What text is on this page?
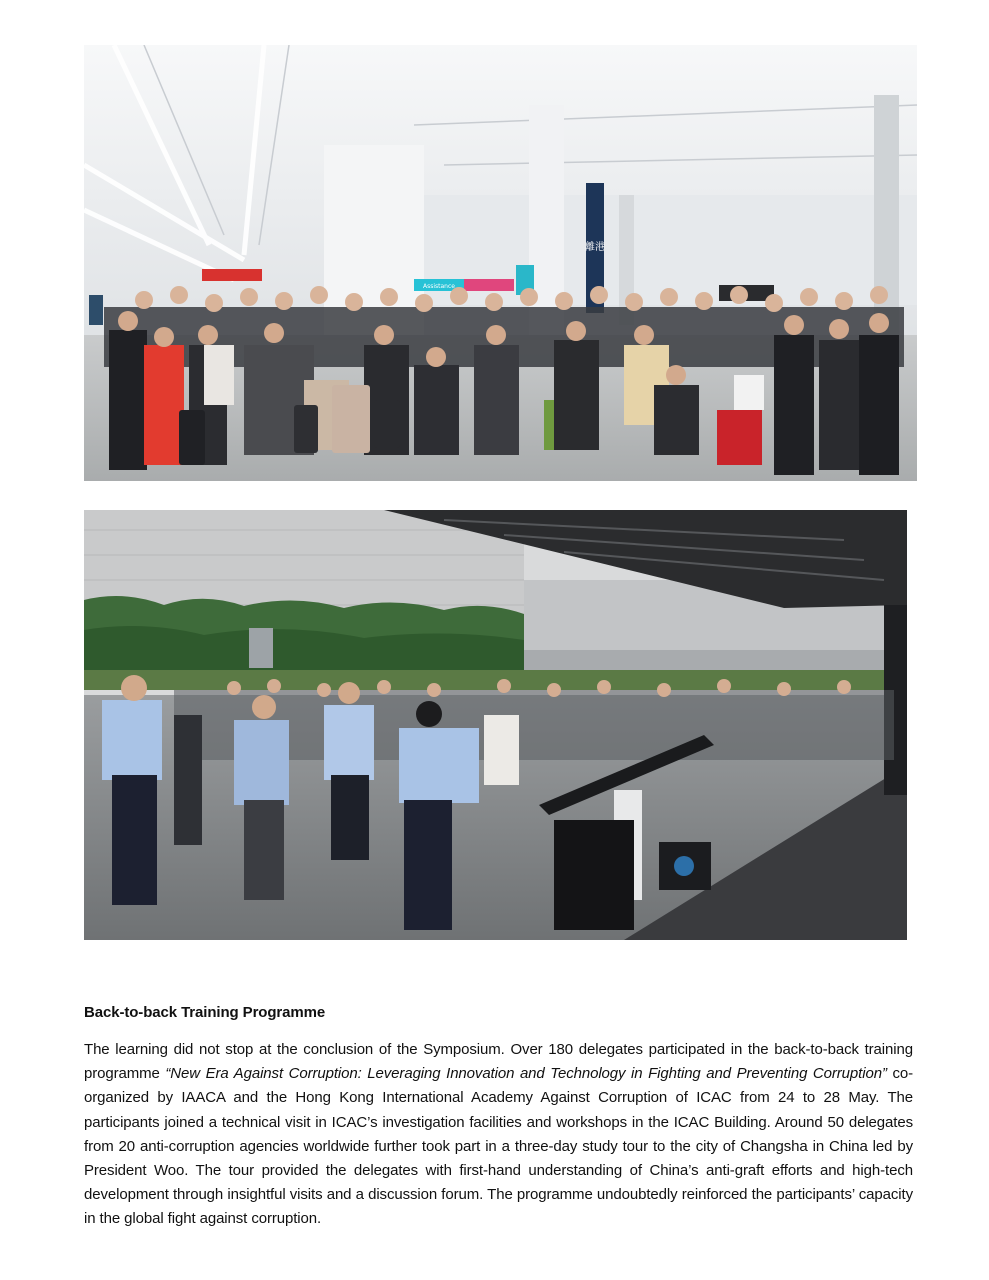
離港
Assistance
Back-to-back Training Programme

The learning did not stop at the conclusion of the Symposium. Over 180 delegates participated in the back-to-back training programme “New Era Against Corruption: Leveraging Innovation and Technology in Fighting and Preventing Corruption” co-organized by IAACA and the Hong Kong International Academy Against Corruption of ICAC from 24 to 28 May. The participants joined a technical visit in ICAC’s investigation facilities and workshops in the ICAC Building. Around 50 delegates from 20 anti-corruption agencies worldwide further took part in a three-day study tour to the city of Changsha in China led by President Woo. The tour provided the delegates with first-hand understanding of China’s anti-graft efforts and high-tech development through insightful visits and a discussion forum. The programme undoubtedly reinforced the participants’ capacity in the global fight against corruption.
